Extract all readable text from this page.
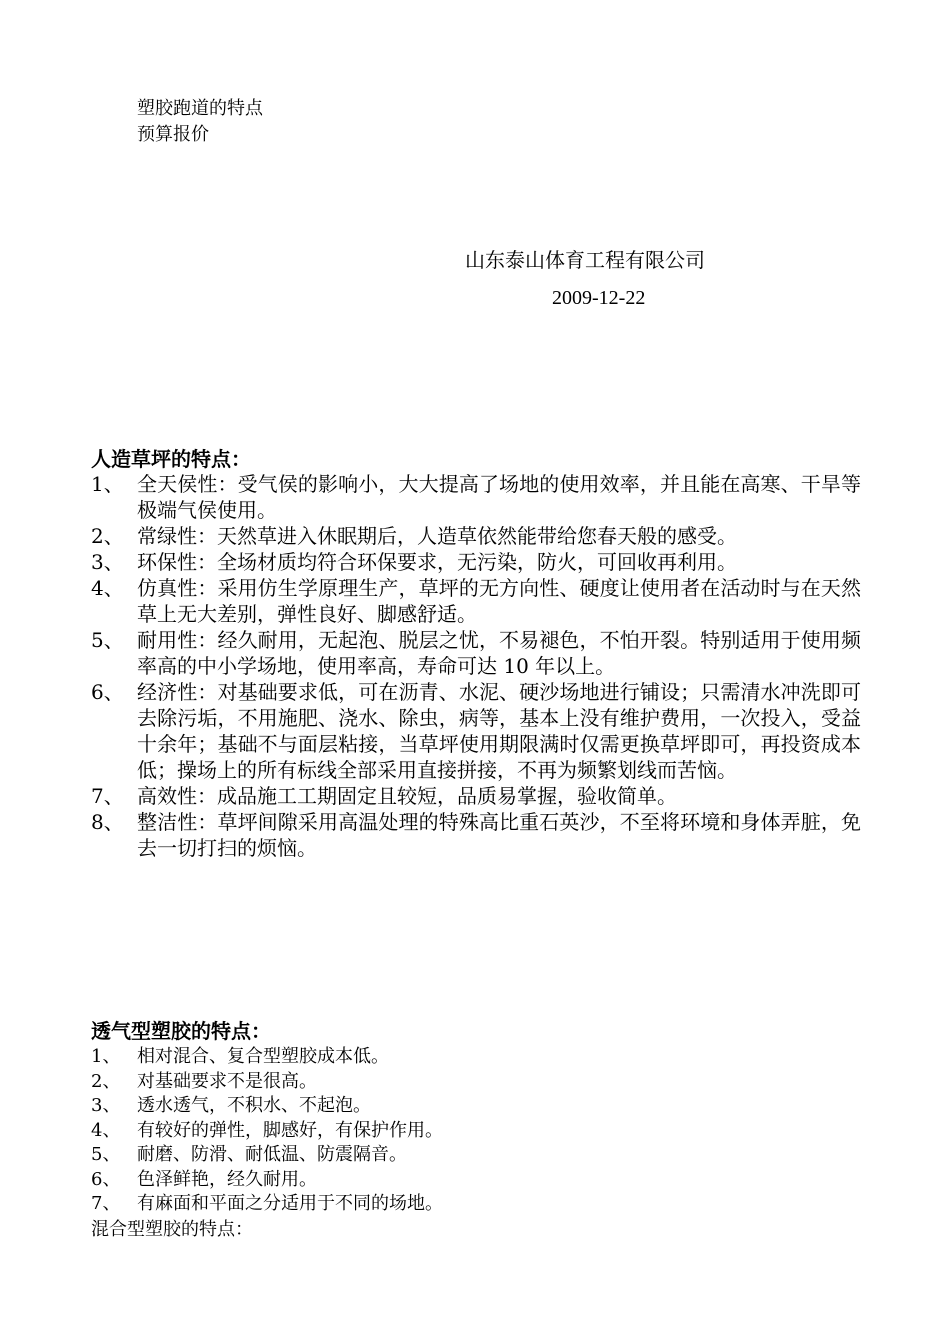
塑胶跑道的特点
预算报价
山东泰山体育工程有限公司
2009-12-22
人造草坪的特点：
1、 全天侯性：受气侯的影响小，大大提高了场地的使用效率，并且能在高寒、干旱等极端气侯使用。
2、 常绿性：天然草进入休眠期后，人造草依然能带给您春天般的感受。
3、 环保性：全场材质均符合环保要求，无污染，防火，可回收再利用。
4、 仿真性：采用仿生学原理生产，草坪的无方向性、硬度让使用者在活动时与在天然草上无大差别，弹性良好、脚感舒适。
5、 耐用性：经久耐用，无起泡、脱层之忧，不易褪色，不怕开裂。特别适用于使用频率高的中小学场地，使用率高，寿命可达 10 年以上。
6、 经济性：对基础要求低，可在沥青、水泥、硬沙场地进行铺设；只需清水冲洗即可去除污垢，不用施肥、浇水、除虫，病等，基本上没有维护费用，一次投入，受益十余年；基础不与面层粘接，当草坪使用期限满时仅需更换草坪即可，再投资成本低；操场上的所有标线全部采用直接拼接，不再为频繁划线而苦恼。
7、 高效性：成品施工工期固定且较短，品质易掌握，验收简单。
8、 整洁性：草坪间隙采用高温处理的特殊高比重石英沙，不至将环境和身体弄脏，免去一切打扫的烦恼。
透气型塑胶的特点：
1、 相对混合、复合型塑胶成本低。
2、 对基础要求不是很高。
3、 透水透气，不积水、不起泡。
4、 有较好的弹性，脚感好，有保护作用。
5、 耐磨、防滑、耐低温、防震隔音。
6、 色泽鲜艳，经久耐用。
7、 有麻面和平面之分适用于不同的场地。
混合型塑胶的特点：
